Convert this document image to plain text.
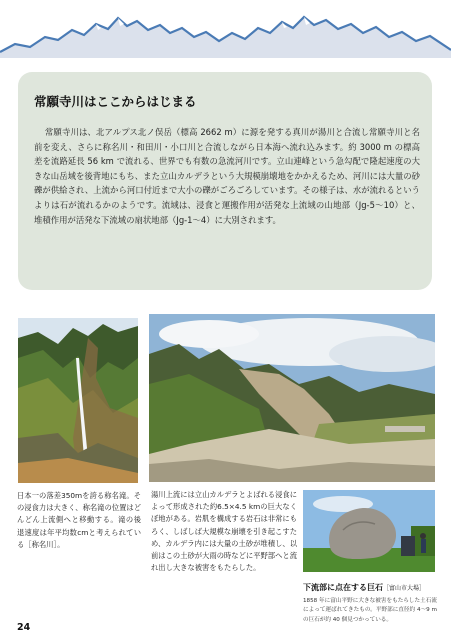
常願寺川はここからはじまる
常願寺川は、北アルプス北ノ俣岳（標高 2662 m）に源を発する真川が湯川と合流し常願寺川と名前を変え、さらに称名川・和田川・小口川と合流しながら日本海へ流れ込みます。約 3000 m の標高差を流路延長 56 km で流れる、世界でも有数の急流河川です。立山連峰という急勾配で隆起速度の大きな山岳域を後背地にもち、また立山カルデラという大規模崩壊地をかかえるため、河川には大量の砂礫が供給され、上流から河口付近まで大小の礫がごろごろしています。その様子は、水が流れるというよりは石が流れるかのようです。流域は、浸食と運搬作用が活発な上流域の山地部（Jg-5～10）と、堆積作用が活発な下流域の扇状地部（Jg-1～4）に大別されます。
日本一の落差350mを誇る称名滝。その浸食力は大きく、称名滝の位置はどんどん上流側へと移動する。滝の後退速度は年平均数cmと考えられている［称名川］。
湯川上流には立山カルデラとよばれる浸食によって形成された約6.5×4.5 kmの巨大なくぼ地がある。岩肌を構成する岩石は非常にもろく、しばしば大規模な崩壊を引き起こすため、カルデラ内には大量の土砂が堆積し、以前はこの土砂が大雨の時などに平野部へと流れ出し大きな被害をもたらした。
下流部に点在する巨石［富山市大場］
1858 年に富山平野に大きな被害をもたらした土石流によって運ばれてきたもの。平野部に直径約 4～9 m の巨石が約 40 個見つかっている。
24
